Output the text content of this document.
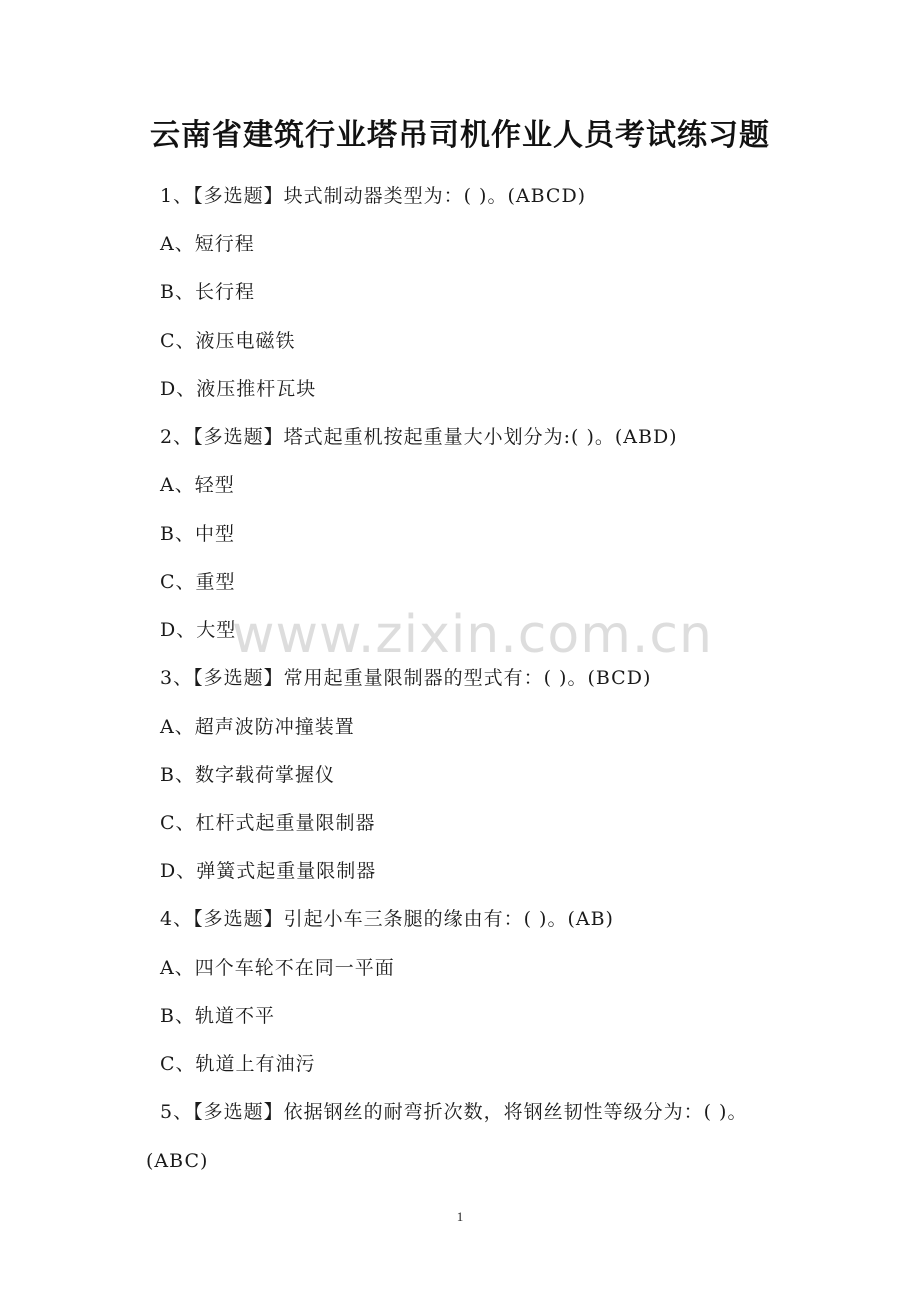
云南省建筑行业塔吊司机作业人员考试练习题
1、【多选题】块式制动器类型为：( )。(ABCD)
A、短行程
B、长行程
C、液压电磁铁
D、液压推杆瓦块
2、【多选题】塔式起重机按起重量大小划分为:( )。(ABD)
A、轻型
B、中型
C、重型
D、大型
3、【多选题】常用起重量限制器的型式有：( )。(BCD)
A、超声波防冲撞装置
B、数字载荷掌握仪
C、杠杆式起重量限制器
D、弹簧式起重量限制器
4、【多选题】引起小车三条腿的缘由有：( )。(AB)
A、四个车轮不在同一平面
B、轨道不平
C、轨道上有油污
5、【多选题】依据钢丝的耐弯折次数，将钢丝韧性等级分为：( )。
(ABC)
www.zixin.com.cn
1
